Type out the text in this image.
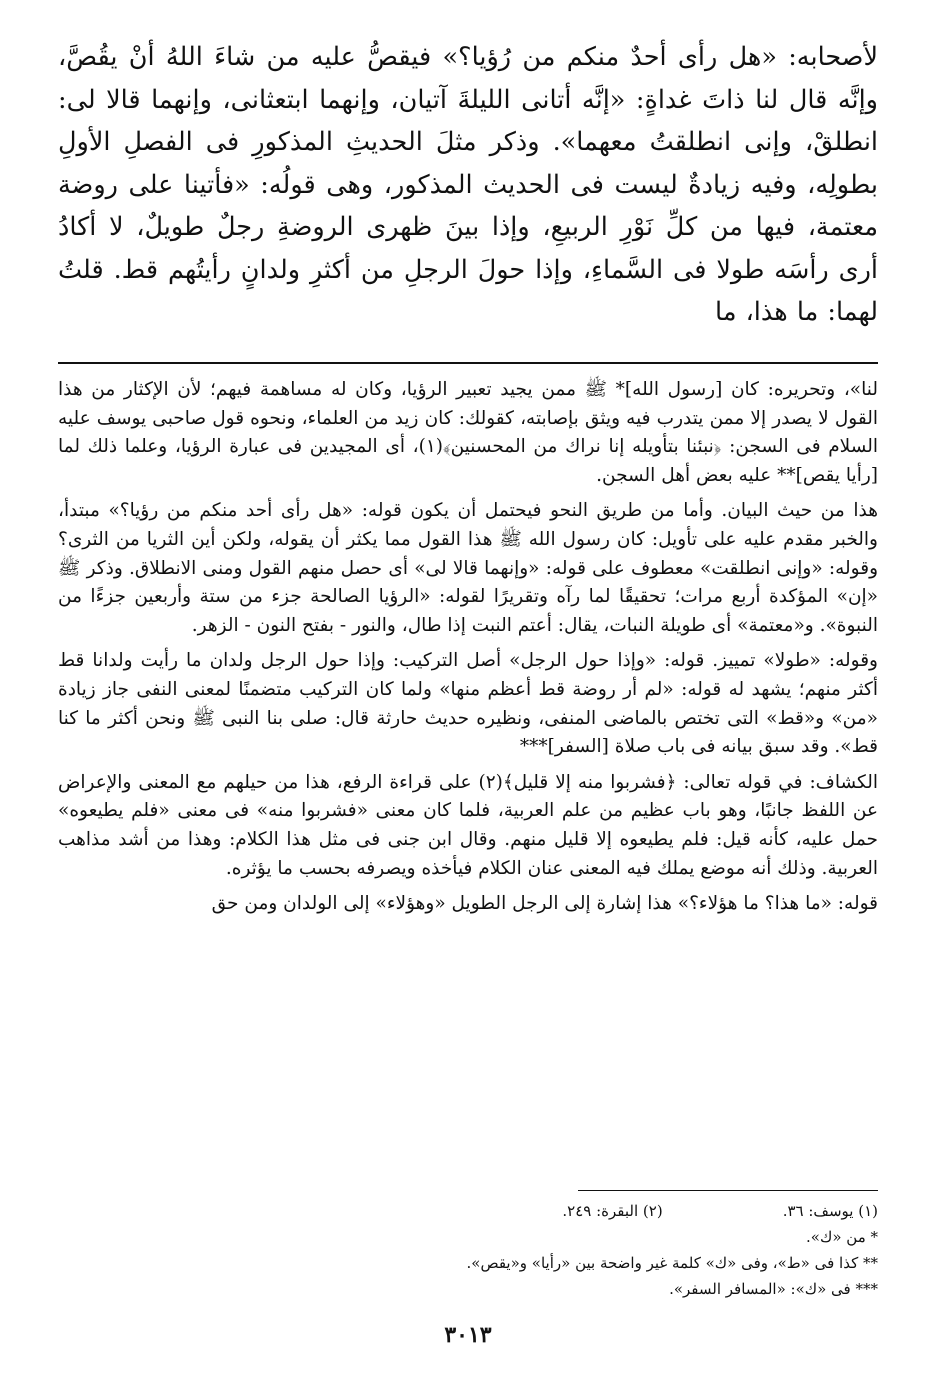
لأصحابه: «هل رأى أحدٌ منكم من رُؤيا؟» فيقصُّ عليه من شاءَ اللهُ أنْ يقُصَّ، وإنَّه قال لنا ذاتَ غداةٍ: «إنَّه أتانى الليلةَ آتيان، وإنهما ابتعثانى، وإنهما قالا لى: انطلقْ، وإنى انطلقتُ معهما». وذكر مثلَ الحديثِ المذكورِ فى الفصلِ الأولِ بطولِه، وفيه زيادةٌ ليست فى الحديث المذكور، وهى قولُه: «فأتينا على روضة معتمة، فيها من كلِّ نَوْرِ الربيعِ، وإذا بينَ ظهرى الروضةِ رجلٌ طويلٌ، لا أكادُ أرى رأسَه طولا فى السَّماءِ، وإذا حولَ الرجلِ من أكثرِ ولدانٍ رأيتُهم قط. قلتُ لهما: ما هذا، ما

لنا»، وتحريره: كان [رسول الله]* ﷺ ممن يجيد تعبير الرؤيا، وكان له مساهمة فيهم؛ لأن الإكثار من هذا القول لا يصدر إلا ممن يتدرب فيه ويثق بإصابته، كقولك: كان زيد من العلماء، ونحوه قول صاحبى يوسف عليه السلام فى السجن: ﴿نبئنا بتأويله إنا نراك من المحسنين﴾(١)، أى المجيدين فى عبارة الرؤيا، وعلما ذلك لما [رأيا يقص]** عليه بعض أهل السجن.

هذا من حيث البيان. وأما من طريق النحو فيحتمل أن يكون قوله: «هل رأى أحد منكم من رؤيا؟» مبتدأ، والخبر مقدم عليه على تأويل: كان رسول الله ﷺ هذا القول مما يكثر أن يقوله، ولكن أين الثريا من الثرى؟ وقوله: «وإنى انطلقت» معطوف على قوله: «وإنهما قالا لى» أى حصل منهم القول ومنى الانطلاق. وذكر ﷺ «إن» المؤكدة أربع مرات؛ تحقيقًا لما رآه وتقريرًا لقوله: «الرؤيا الصالحة جزء من ستة وأربعين جزءًا من النبوة». و«معتمة» أى طويلة النبات، يقال: أعتم النبت إذا طال، والنور - بفتح النون - الزهر.

وقوله: «طولا» تمييز. قوله: «وإذا حول الرجل» أصل التركيب: وإذا حول الرجل ولدان ما رأيت ولدانا قط أكثر منهم؛ يشهد له قوله: «لم أر روضة قط أعظم منها» ولما كان التركيب متضمنًا لمعنى النفى جاز زيادة «من» و«قط» التى تختص بالماضى المنفى، ونظيره حديث حارثة قال: صلى بنا النبى ﷺ ونحن أكثر ما كنا قط». وقد سبق بيانه فى باب صلاة [السفر]***

الكشاف: في قوله تعالى: ﴿فشربوا منه إلا قليل﴾(٢) على قراءة الرفع، هذا من حيلهم مع المعنى والإعراض عن اللفظ جانبًا، وهو باب عظيم من علم العربية، فلما كان معنى «فشربوا منه» فى معنى «فلم يطيعوه» حمل عليه، كأنه قيل: فلم يطيعوه إلا قليل منهم. وقال ابن جنى فى مثل هذا الكلام: وهذا من أشد مذاهب العربية. وذلك أنه موضع يملك فيه المعنى عنان الكلام فيأخذه ويصرفه بحسب ما يؤثره.

قوله: «ما هذا؟ ما هؤلاء؟» هذا إشارة إلى الرجل الطويل «وهؤلاء» إلى الولدان ومن حق

(١) يوسف: ٣٦.
(٢) البقرة: ٢٤٩.
* من «ك».
** كذا فى «ط»، وفى «ك» كلمة غير واضحة بين «رأيا» و«يقص».
*** فى «ك»: «المسافر السفر».
٣٠١٣
